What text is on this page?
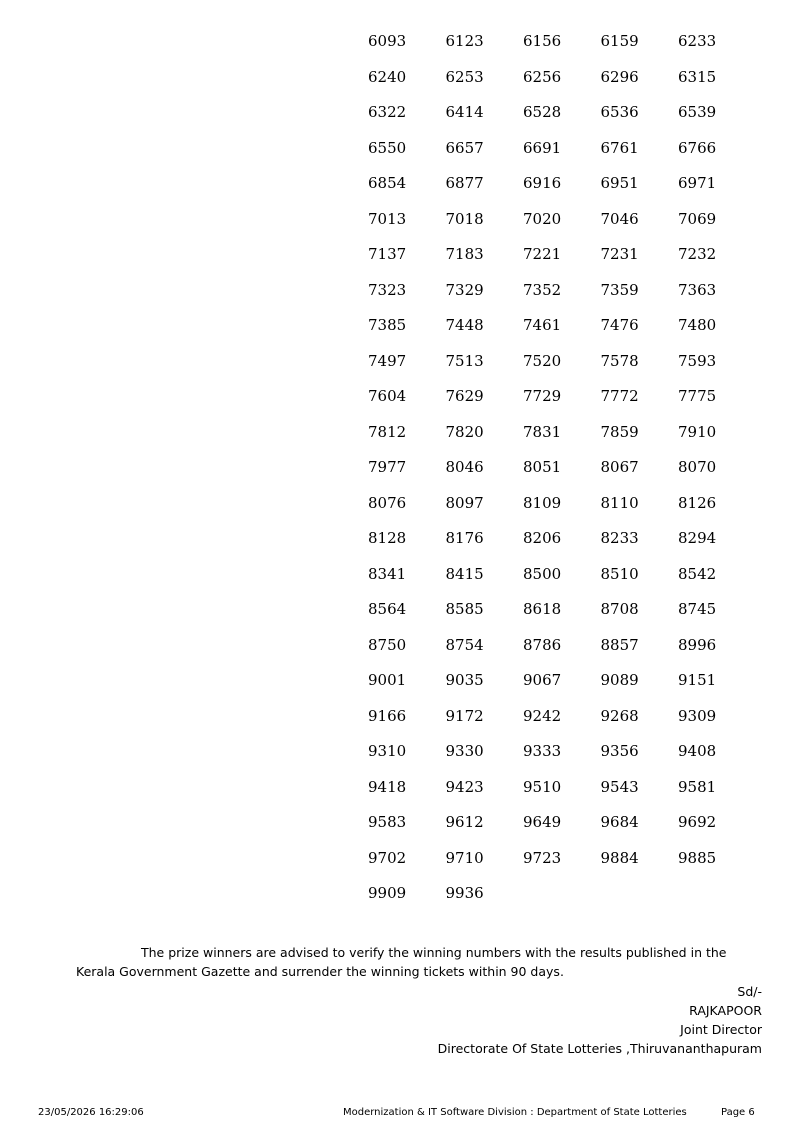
6093	6123	6156	6159	6233
6240	6253	6256	6296	6315
6322	6414	6528	6536	6539
6550	6657	6691	6761	6766
6854	6877	6916	6951	6971
7013	7018	7020	7046	7069
7137	7183	7221	7231	7232
7323	7329	7352	7359	7363
7385	7448	7461	7476	7480
7497	7513	7520	7578	7593
7604	7629	7729	7772	7775
7812	7820	7831	7859	7910
7977	8046	8051	8067	8070
8076	8097	8109	8110	8126
8128	8176	8206	8233	8294
8341	8415	8500	8510	8542
8564	8585	8618	8708	8745
8750	8754	8786	8857	8996
9001	9035	9067	9089	9151
9166	9172	9242	9268	9309
9310	9330	9333	9356	9408
9418	9423	9510	9543	9581
9583	9612	9649	9684	9692
9702	9710	9723	9884	9885
9909	9936

The prize winners are advised to verify the winning numbers with the results published in the Kerala Government Gazette and surrender the winning tickets within 90 days.

Sd/-
RAJKAPOOR
Joint Director
Directorate Of State Lotteries ,Thiruvananthapuram
23/05/2026 16:29:06	Modernization & IT Software Division : Department of State Lotteries	Page 6
